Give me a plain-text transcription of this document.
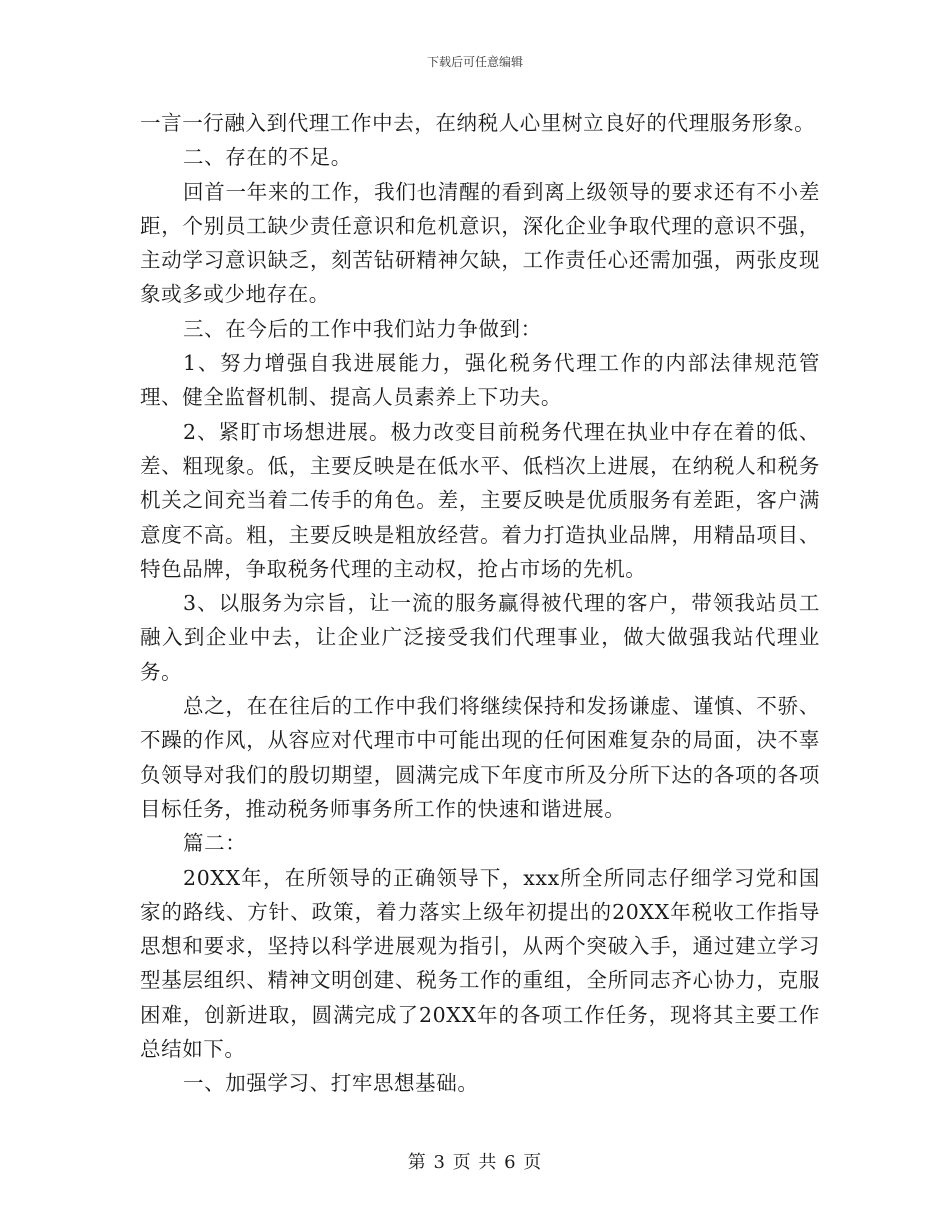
下载后可任意编辑

一言一行融入到代理工作中去，在纳税人心里树立良好的代理服务形象。

二、存在的不足。

回首一年来的工作，我们也清醒的看到离上级领导的要求还有不小差距，个别员工缺少责任意识和危机意识，深化企业争取代理的意识不强，主动学习意识缺乏，刻苦钻研精神欠缺，工作责任心还需加强，两张皮现象或多或少地存在。

三、在今后的工作中我们站力争做到：

1、努力增强自我进展能力，强化税务代理工作的内部法律规范管理、健全监督机制、提高人员素养上下功夫。

2、紧盯市场想进展。极力改变目前税务代理在执业中存在着的低、差、粗现象。低，主要反映是在低水平、低档次上进展，在纳税人和税务机关之间充当着二传手的角色。差，主要反映是优质服务有差距，客户满意度不高。粗，主要反映是粗放经营。着力打造执业品牌，用精品项目、特色品牌，争取税务代理的主动权，抢占市场的先机。

3、以服务为宗旨，让一流的服务赢得被代理的客户，带领我站员工融入到企业中去，让企业广泛接受我们代理事业，做大做强我站代理业务。

总之，在在往后的工作中我们将继续保持和发扬谦虚、谨慎、不骄、不躁的作风，从容应对代理市中可能出现的任何困难复杂的局面，决不辜负领导对我们的殷切期望，圆满完成下年度市所及分所下达的各项的各项目标任务，推动税务师事务所工作的快速和谐进展。

篇二：

20XX年，在所领导的正确领导下，xxx所全所同志仔细学习党和国家的路线、方针、政策，着力落实上级年初提出的20XX年税收工作指导思想和要求，坚持以科学进展观为指引，从两个突破入手，通过建立学习型基层组织、精神文明创建、税务工作的重组，全所同志齐心协力，克服困难，创新进取，圆满完成了20XX年的各项工作任务，现将其主要工作总结如下。

一、加强学习、打牢思想基础。

第 3 页 共 6 页
